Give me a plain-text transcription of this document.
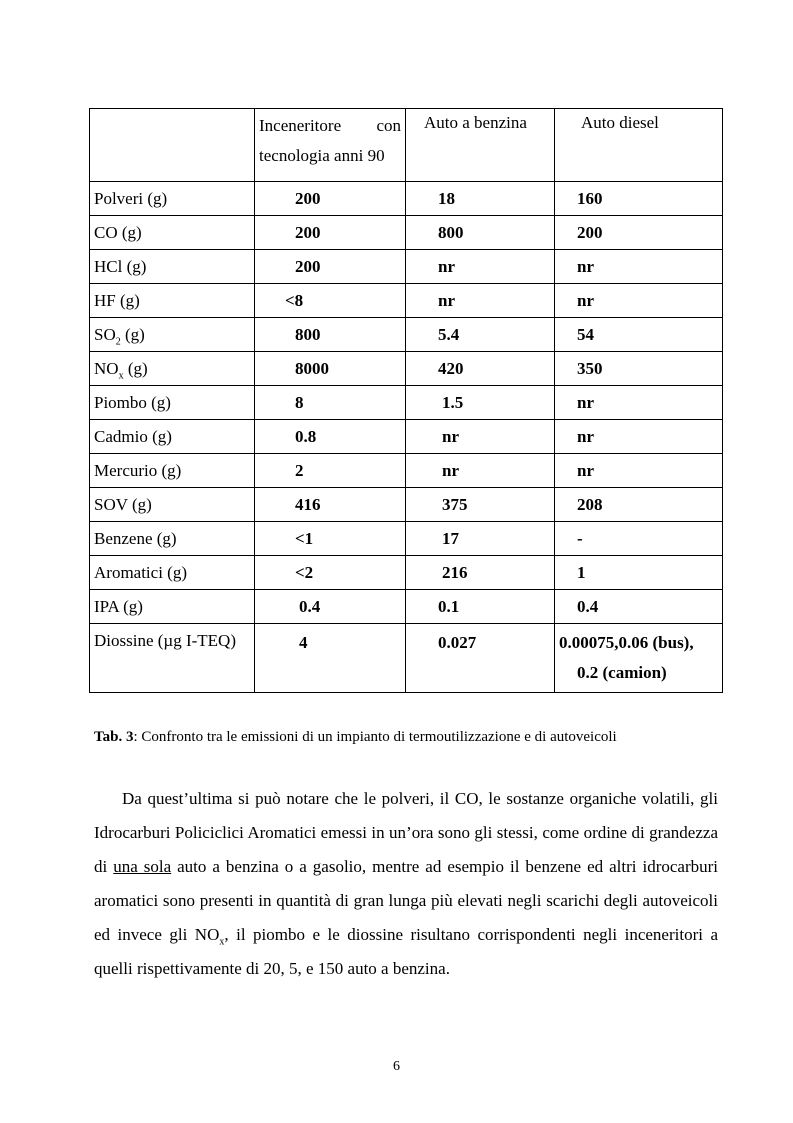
	Inceneritore con tecnologia anni 90	Auto a benzina	Auto diesel
Polveri (g)	200	18	160
CO (g)	200	800	200
HCl (g)	200	nr	nr
HF (g)	<8	nr	nr
$SO_2$ (g)	800	5.4	54
$NO_x$ (g)	8000	420	350
Piombo (g)	8	1.5	nr
Cadmio (g)	0.8	nr	nr
Mercurio (g)	2	nr	nr
SOV (g)	416	375	208
Benzene (g)	<1	17	-
Aromatici (g)	<2	216	1
IPA (g)	0.4	0.1	0.4
Diossine (µg I-TEQ)	4	0.027	0.00075,0.06 (bus),
0.2 (camion)
Tab. 3: Confronto tra le emissioni di un impianto di termoutilizzazione e di autoveicoli
Da quest’ultima si può notare che le polveri, il CO, le sostanze organiche volatili, gli Idrocarburi Policiclici Aromatici emessi in un’ora sono gli stessi, come ordine di grandezza di una sola auto a benzina o a gasolio, mentre ad esempio il benzene ed altri idrocarburi aromatici sono presenti in quantità di gran lunga più elevati negli scarichi degli autoveicoli ed invece gli $NO_x$, il piombo e le diossine risultano corrispondenti negli inceneritori a quelli rispettivamente di 20, 5, e 150 auto a benzina.
6
